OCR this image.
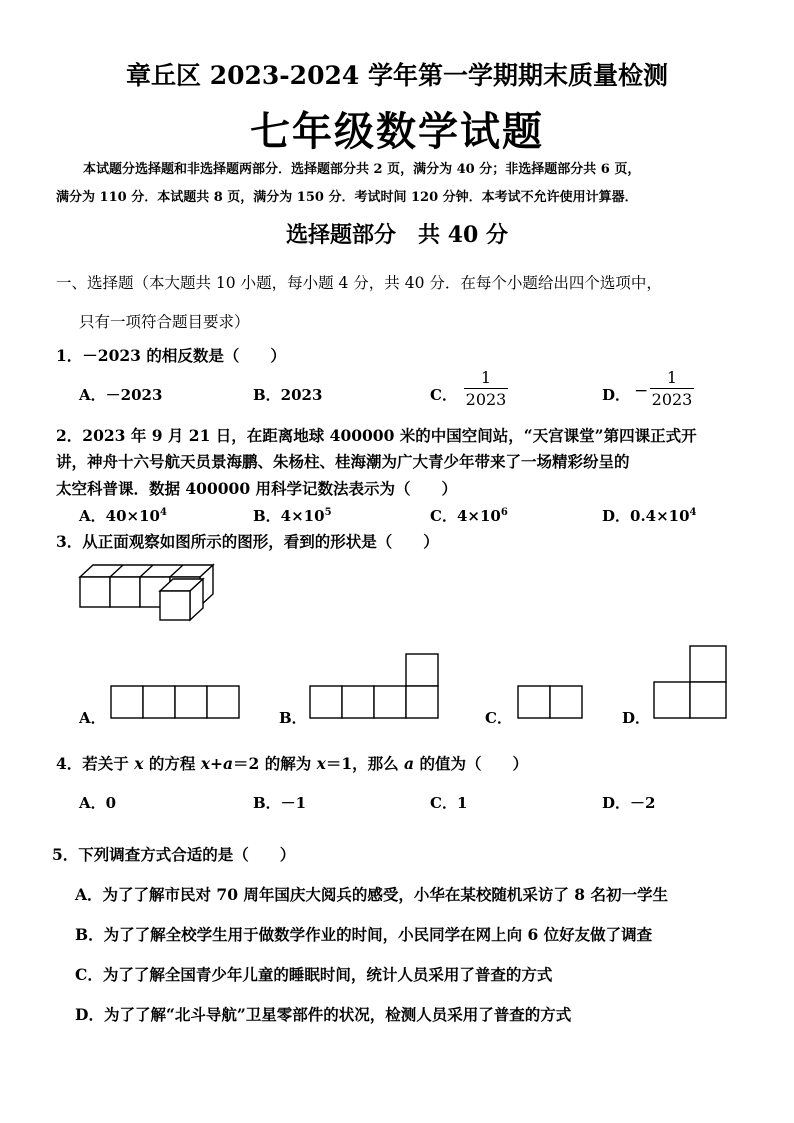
章丘区 2023-2024 学年第一学期期末质量检测
七年级数学试题
本试题分选择题和非选择题两部分．选择题部分共 2 页，满分为 40 分；非选择题部分共 6 页，
满分为 110 分．本试题共 8 页，满分为 150 分．考试时间 120 分钟．本考试不允许使用计算器．
选择题部分　共 40 分
一、选择题（本大题共 10 小题，每小题 4 分，共 40 分．在每个小题给出四个选项中，
只有一项符合题目要求）
1．－2023 的相反数是（　　）
A．－2023	B．2023	C．
1
2023	D． −
1
2023
2．2023 年 9 月 21 日，在距离地球 400000 米的中国空间站，“天宫课堂”第四课正式开
讲，神舟十六号航天员景海鹏、朱杨柱、桂海潮为广大青少年带来了一场精彩纷呈的
太空科普课．数据 400000 用科学记数法表示为（　　）
A．$40\times 10^4$	B．$4\times 10^5$	C．$4\times 10^6$	D．$0.4\times 10^4$
3．从正面观察如图所示的图形，看到的形状是（　　）
A．	B．	C．	D．
4．若关于 x 的方程 x+a＝2 的解为 x＝1，那么 a 的值为（　　）
A．0	B．－1	C．1	D．－2
5．下列调查方式合适的是（　　）
A．为了了解市民对 70 周年国庆大阅兵的感受，小华在某校随机采访了 8 名初一学生
B．为了了解全校学生用于做数学作业的时间，小民同学在网上向 6 位好友做了调查
C．为了了解全国青少年儿童的睡眠时间，统计人员采用了普查的方式
D．为了了解“北斗导航”卫星零部件的状况，检测人员采用了普查的方式
